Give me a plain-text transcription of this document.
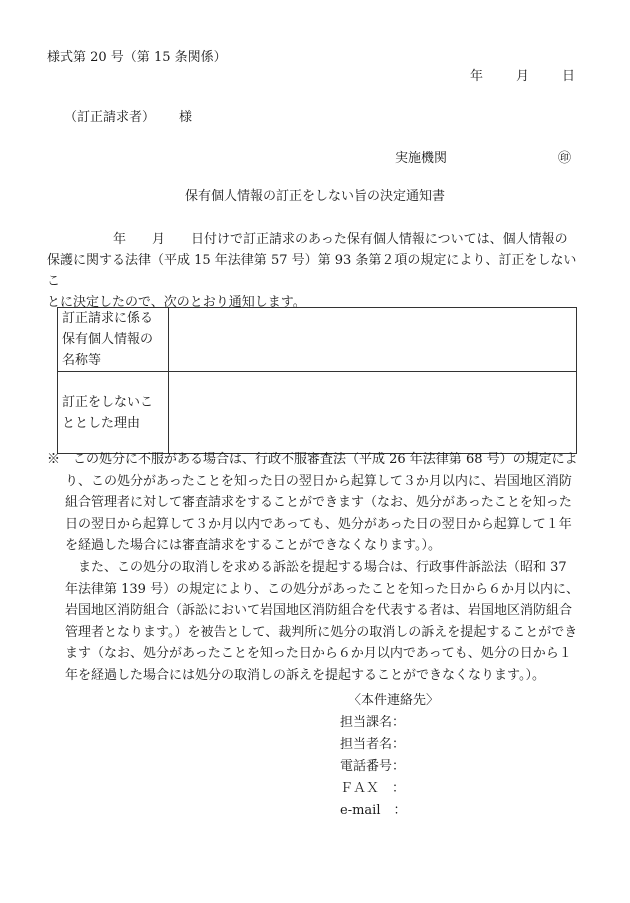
様式第 20 号（第 15 条関係）
年	月	日
（訂正請求者） 様
実施機関	㊞
保有個人情報の訂正をしない旨の決定通知書
年　　月　　日付けで訂正請求のあった保有個人情報については、個人情報の
保護に関する法律（平成 15 年法律第 57 号）第 93 条第２項の規定により、訂正をしないこ
とに決定したので、次のとおり通知します。
訂正請求に係る
保有個人情報の
名称等	

訂正をしないこ
ととした理由	

※　この処分に不服がある場合は、行政不服審査法（平成 26 年法律第 68 号）の規定によ
り、この処分があったことを知った日の翌日から起算して３か月以内に、岩国地区消防
組合管理者に対して審査請求をすることができます（なお、処分があったことを知った
日の翌日から起算して３か月以内であっても、処分があった日の翌日から起算して１年
を経過した場合には審査請求をすることができなくなります。）。
また、この処分の取消しを求める訴訟を提起する場合は、行政事件訴訟法（昭和 37
年法律第 139 号）の規定により、この処分があったことを知った日から６か月以内に、
岩国地区消防組合（訴訟において岩国地区消防組合を代表する者は、岩国地区消防組合
管理者となります。）を被告として、裁判所に処分の取消しの訴えを提起することができ
ます（なお、処分があったことを知った日から６か月以内であっても、処分の日から１
年を経過した場合には処分の取消しの訴えを提起することができなくなります。）。
〈本件連絡先〉
担当課名：
担当者名：
電話番号：
ＦＡＸ　：
e-mail　：
